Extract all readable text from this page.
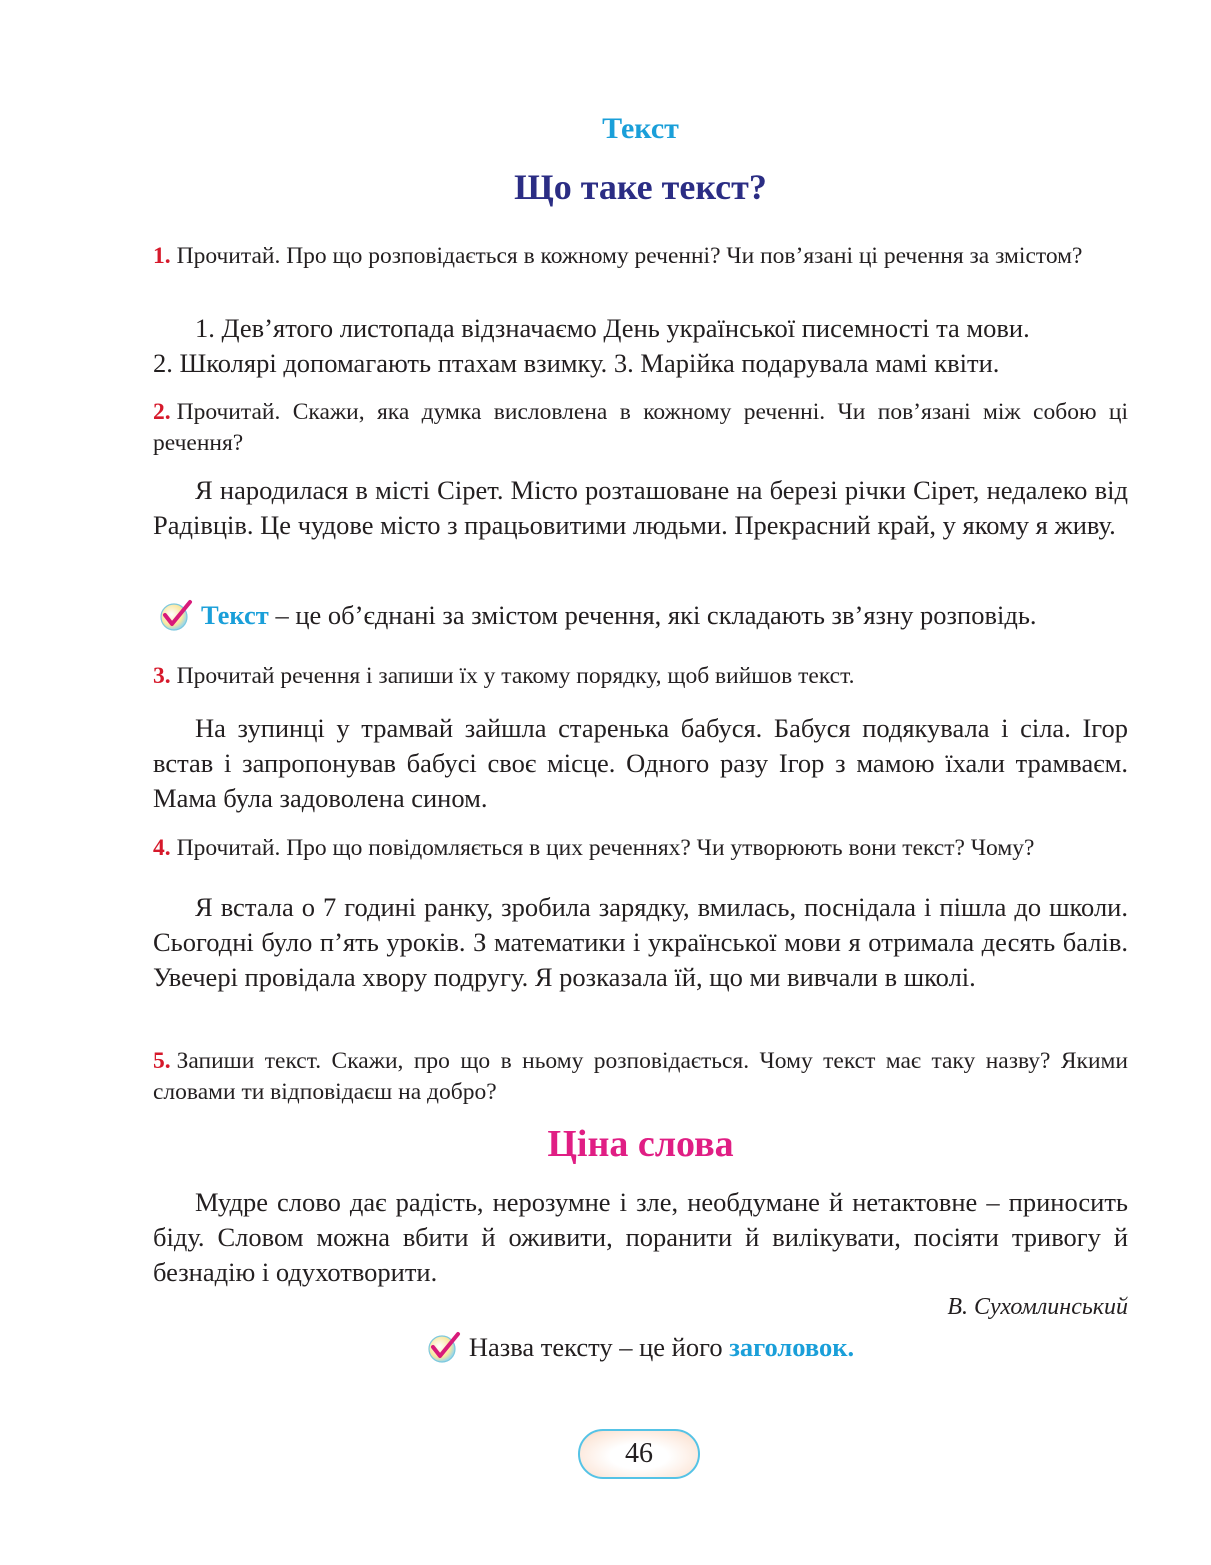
Текст
Що таке текст?
1. Прочитай. Про що розповідається в кожному реченні? Чи пов’язані ці речення за змістом?
1. Дев’ятого листопада відзначаємо День української писемності та мови.
2. Школярі допомагають птахам взимку. 3. Марійка подарувала мамі квіти.
2. Прочитай. Скажи, яка думка висловлена в кожному реченні. Чи пов’язані між собою ці речення?
Я народилася в місті Сірет. Місто розташоване на березі річки Сірет, недалеко від Радівців. Це чудове місто з працьовитими людьми. Прекрасний край, у якому я живу.
Текст – це об’єднані за змістом речення, які складають зв’язну розповідь.
3. Прочитай речення і запиши їх у такому порядку, щоб вийшов текст.
На зупинці у трамвай зайшла старенька бабуся. Бабуся подякувала і сіла. Ігор встав і запропонував бабусі своє місце. Одного разу Ігор з мамою їхали трамваєм. Мама була задоволена сином.
4. Прочитай. Про що повідомляється в цих реченнях? Чи утворюють вони текст? Чому?
Я встала о 7 годині ранку, зробила зарядку, вмилась, поснідала і пішла до школи. Сьогодні було п’ять уроків. З математики і української мови я отримала десять балів. Увечері провідала хвору подругу. Я розказала їй, що ми вивчали в школі.
5. Запиши текст. Скажи, про що в ньому розповідається. Чому текст має таку назву? Якими словами ти відповідаєш на добро?
Ціна слова
Мудре слово дає радість, нерозумне і зле, необдумане й нетактовне – приносить біду. Словом можна вбити й оживити, поранити й вилікувати, посіяти тривогу й безнадію і одухотворити.
В. Сухомлинський
Назва тексту – це його заголовок.
46
